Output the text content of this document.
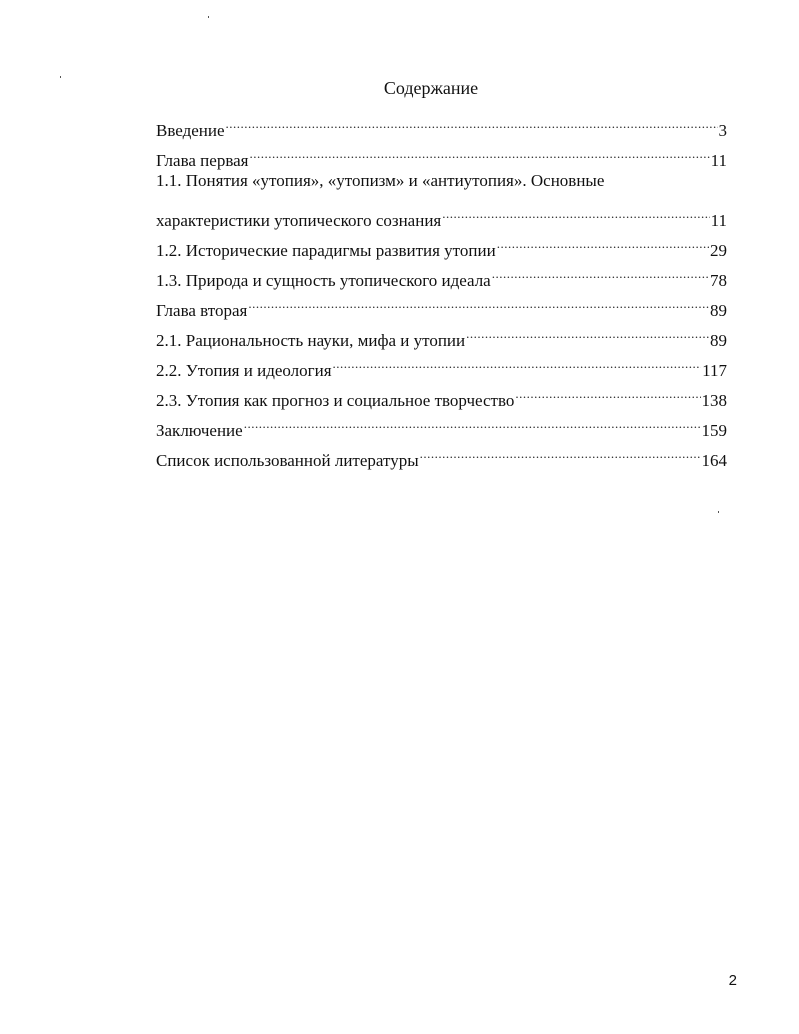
Содержание
Введение .....	3
Глава первая .....	11
1.1. Понятия «утопия», «утопизм» и «антиутопия». Основные
характеристики утопического сознания .....	11
1.2. Исторические парадигмы развития утопии .....	29
1.3. Природа и сущность утопического идеала .....	78
Глава вторая .....	89
2.1. Рациональность науки, мифа и утопии .....	89
2.2. Утопия и идеология .....	117
2.3. Утопия как прогноз и социальное творчество .....	138
Заключение .....	159
Список использованной литературы .....	164
2
